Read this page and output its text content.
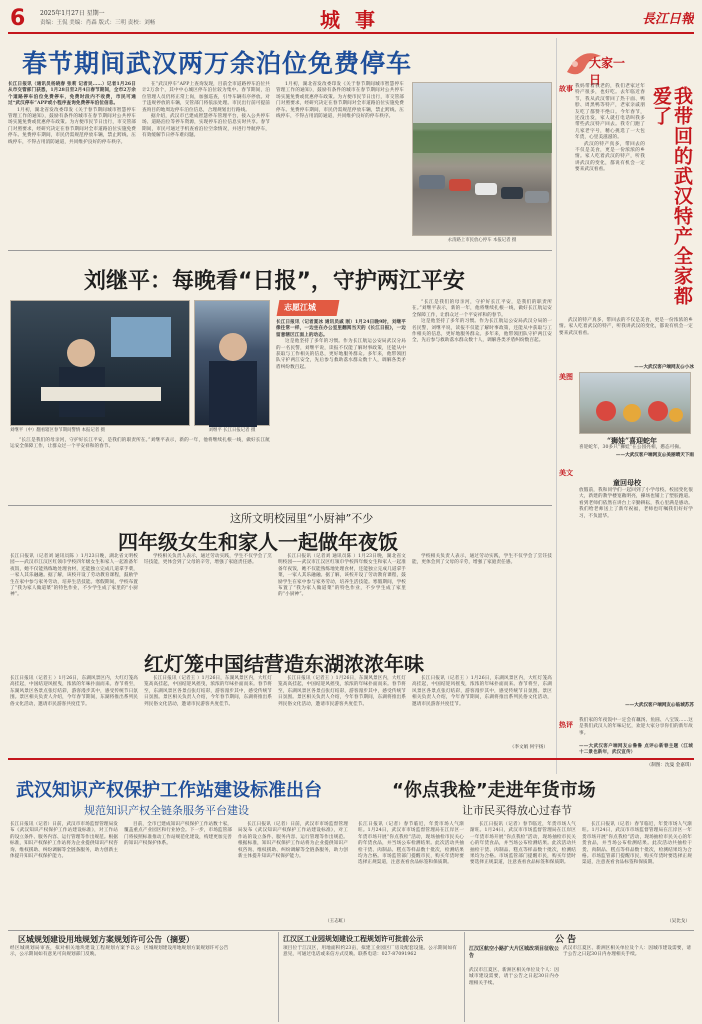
6 2025年1月27日 星期一
责编：王侃 美编：肖森 版式：三明 责校：刘畅	城 事	長江日報
春节期间武汉两万余泊位免费停车
长江日报讯（通讯员杨晓春 张莉 记者吴……）记者1月26日从市交管部门获悉，1月28日至2月4日春节期间，全市2万余个道路停车泊位免费停车，免费时段内不收费，市民可通过“武汉停车”APP或小程序查询免费停车泊位信息。

1月初，湖北省发改委印发《关于春节期间城市智慧停车管理工作的通知》，鼓励有条件的城市在春节期间对公共停车场实施免费或优惠停车政策。为方便市民节日出行，市交管部门对照要求，经研究决定在春节期间对全市道路泊位实施免费停车。免费停车期间，市民仍需规范停放车辆，禁止跨线、压线停车，不得占用消防通道，共同维护良好的停车秩序。

在“武汉停车”APP上查询发现，目前全市道路停车泊位共计2万余个，其中中心城区停车泊位较为集中。春节期间，泊位管理人员仍将正常上岗，加强巡查，引导车辆有序停放。对于违规停放的车辆，交管部门将依法处理。市民出行前可提前查询目的地周边停车泊位信息，合理规划出行路线。

据介绍，武汉市已建成智慧停车管理平台，接入公共停车场、道路泊位等停车资源，实现停车泊位信息实时共享。春节期间，市民可通过手机查看泊位空余情况，并进行导航停车，有效缓解节日停车难问题。

1月初，湖北省发改委印发《关于春节期间城市智慧停车管理工作的通知》，鼓励有条件的城市在春节期间对公共停车场实施免费或优惠停车政策。为方便市民节日出行，市交管部门对照要求，经研究决定在春节期间对全市道路泊位实施免费停车。免费停车期间，市民仍需规范停放车辆，禁止跨线、压线停车，不得占用消防通道，共同维护良好的停车秩序。

永清路上市民放心停车 本报记者 摄
大家一日
我带回的武汉特产全家都爱了
故事 我妈带着我老的，我们老家过年特产很多，也好吃。去年临近春节，我从武汉带回了热干面、鸭脖、周黑鸭等特产，老家亲戚朋友吃了都赞不绝口。今年春节，还没出发，家人就打电话叫我多带些武汉特产回去。我专门跑了几家老字号，精心挑选了一大包年货，心里美滋滋的。

武汉的特产真多，带回去的不仅是美食，更是一份浓浓的乡情。家人吃着武汉的特产，听我讲武汉的变化，都说有机会一定要来武汉看看。

武汉的特产真多，带回去的不仅是美食，更是一份浓浓的乡情。家人吃着武汉的特产，听我讲武汉的变化，都说有机会一定要来武汉看看。

——大武汉客户端网友@小冰
美图
“狮娃”喜迎蛇年
喜迎蛇年，30多只“狮娃”在公园亮相，憨态可掬。
——大武汉客户端网友@美丽晴天下雨
美文
童回母校
放假前，我和同学们一起回到了小学母校。校园变化很大，新建的教学楼宽敞明亮，操场也铺上了塑胶跑道。看到老师们依然在讲台上辛勤耕耘，我心里满是感动。我们给老师送上了新年祝福，老师也叮嘱我们好好学习，不负韶华。
——大武汉客户端网友@临城苏苏
热评 我们家的年夜饭中一定会有藕汤、鱼圆、八宝饭……这是我们武汉人的年味记忆，欢迎大家分享你们的新年故事。
——大武汉客户端网友@鲁鲁 点评@新春主题（江城十二景也新年，武汉宣传）
（制图：沈曼 金嘉琪）
刘继平：每晚看“日报”，守护两江平安
刘继平（中）翻看辖区春节期间警情 本报记者 摄	刘继平 长江日报记者 摄
志愿江城
长江日报讯（记者夏冰 通讯员戚 刚）1月24日晚9时，刘继平像往常一样，一边坐在办公室里翻阅当天的《长江日报》，一边留意辖区江面上的动态。

这是他坚持了多年的习惯。作为长江航运公安局武汉分局的一名民警，刘继平说，读报不仅能了解时事政策，还能从中获取与工作相关的信息，更好地服务群众。多年来，他带领团队守护两江安全，先后参与救助落水群众数十人，调解各类矛盾纠纷数百起。

“长江是我们的母亲河，守护好长江平安，是我们的职责所在。”刘继平表示，新的一年，他将继续扎根一线，做好长江航运安全保障工作，让群众过一个平安祥和的春节。

这是他坚持了多年的习惯。作为长江航运公安局武汉分局的一名民警，刘继平说，读报不仅能了解时事政策，还能从中获取与工作相关的信息，更好地服务群众。多年来，他带领团队守护两江安全，先后参与救助落水群众数十人，调解各类矛盾纠纷数百起。

“长江是我们的母亲河，守护好长江平安，是我们的职责所在。”刘继平表示，新的一年，他将继续扎根一线，做好长江航运安全保障工作，让群众过一个平安祥和的春节。

这所文明校园里“小厨神”不少
四年级女生和家人一起做年夜饭

长江日报讯（记者刘 通讯员陈 ）1月23日晚，湖北省文明校园——武汉市江汉区红领巾学校四年级女生和家人一起准备年夜饭，她不仅能熟练地处理食材，还能独立完成几道拿手菜，一家人其乐融融。据了解，该校开设了劳动教育课程，鼓励学生在家中参与家务劳动，培养生活技能。寒假期间，学校布置了“我为家人做道菜”的特色作业，不少学生成了家里的“小厨神”。

学校相关负责人表示，通过劳动实践，学生不仅学会了烹饪技能，更体会到了父母的辛劳，增强了家庭责任感。

长江日报讯（记者刘 通讯员陈 ）1月23日晚，湖北省文明校园——武汉市江汉区红领巾学校四年级女生和家人一起准备年夜饭，她不仅能熟练地处理食材，还能独立完成几道拿手菜，一家人其乐融融。据了解，该校开设了劳动教育课程，鼓励学生在家中参与家务劳动，培养生活技能。寒假期间，学校布置了“我为家人做道菜”的特色作业，不少学生成了家里的“小厨神”。

学校相关负责人表示，通过劳动实践，学生不仅学会了烹饪技能，更体会到了父母的辛劳，增强了家庭责任感。

红灯笼中国结营造东湖浓浓年味

长江日报讯（记者王 ）1月26日，东湖风景区内，大红灯笼高高挂起，中国结迎风摇曳，浓浓的年味扑面而来。春节将至，东湖风景区各景点张灯结彩，游客漫步其中，感受传统节日氛围。景区相关负责人介绍，今年春节期间，东湖将推出系列民俗文化活动，邀请市民游客共度佳节。

长江日报讯（记者王 ）1月26日，东湖风景区内，大红灯笼高高挂起，中国结迎风摇曳，浓浓的年味扑面而来。春节将至，东湖风景区各景点张灯结彩，游客漫步其中，感受传统节日氛围。景区相关负责人介绍，今年春节期间，东湖将推出系列民俗文化活动，邀请市民游客共度佳节。

长江日报讯（记者王 ）1月26日，东湖风景区内，大红灯笼高高挂起，中国结迎风摇曳，浓浓的年味扑面而来。春节将至，东湖风景区各景点张灯结彩，游客漫步其中，感受传统节日氛围。景区相关负责人介绍，今年春节期间，东湖将推出系列民俗文化活动，邀请市民游客共度佳节。

长江日报讯（记者王 ）1月26日，东湖风景区内，大红灯笼高高挂起，中国结迎风摇曳，浓浓的年味扑面而来。春节将至，东湖风景区各景点张灯结彩，游客漫步其中，感受传统节日氛围。景区相关负责人介绍，今年春节期间，东湖将推出系列民俗文化活动，邀请市民游客共度佳节。

（李文娟 何宇扬）
武汉知识产权保护工作站建设标准出台
规范知识产权全链条服务平台建设

长江日报讯（记者）日前，武汉市市场监督管理局发布《武汉知识产权保护工作站建设标准》，对工作站的设立条件、服务内容、运行管理等作出规范。根据标准，知识产权保护工作站将为企业提供知识产权咨询、维权援助、纠纷调解等全链条服务，助力创新主体提升知识产权保护能力。

目前，全市已建成知识产权保护工作站数十家，覆盖重点产业园区和行业协会。下一步，市场监管部门将按照标准推动工作站规范化建设，构建更加完善的知识产权保护体系。

长江日报讯（记者）日前，武汉市市场监督管理局发布《武汉知识产权保护工作站建设标准》，对工作站的设立条件、服务内容、运行管理等作出规范。根据标准，知识产权保护工作站将为企业提供知识产权咨询、维权援助、纠纷调解等全链条服务，助力创新主体提升知识产权保护能力。

（王志虹）
“你点我检”走进年货市场
让市民买得放心过春节

长江日报讯（记者）春节临近，年货市场人气渐旺。1月24日，武汉市市场监督管理局在江岸区一年货市场开展“你点我检”活动，现场抽检市民关心的年货食品，并当场公布检测结果。此次活动共抽检干货、肉制品、糕点等样品数十批次，检测结果均为合格。市场监管部门提醒市民，购买年货时要选择正规渠道，注意查看食品标签和保质期。

长江日报讯（记者）春节临近，年货市场人气渐旺。1月24日，武汉市市场监督管理局在江岸区一年货市场开展“你点我检”活动，现场抽检市民关心的年货食品，并当场公布检测结果。此次活动共抽检干货、肉制品、糕点等样品数十批次，检测结果均为合格。市场监管部门提醒市民，购买年货时要选择正规渠道，注意查看食品标签和保质期。

长江日报讯（记者）春节临近，年货市场人气渐旺。1月24日，武汉市市场监督管理局在江岸区一年货市场开展“你点我检”活动，现场抽检市民关心的年货食品，并当场公布检测结果。此次活动共抽检干货、肉制品、糕点等样品数十批次，检测结果均为合格。市场监管部门提醒市民，购买年货时要选择正规渠道，注意查看食品标签和保质期。

（吴比戈）
区城规划建设用地规划方案规划许可公告（摘要）
经区城规划局审查，拟对相关地块建设工程规划方案予以公示，公示期间如有意见可向规划部门反映。
区城规划建设用地规划方案规划许可公告
江汉区工业园规划建设工程规划许可批前公示
项目位于江汉区，用地面积约23亩，拟建工业园区厂房及配套设施。公示期间如有意见，可通过电话或来信方式反映。联系电话：027-87091962
公 告
江汉区航空小路扩大片区城改项目征收公告
武汉市江夏区、新洲区相关单位及个人：因城市建设需要，请于公告之日起30日内办理相关手续。
武汉市江夏区、新洲区相关单位及个人：因城市建设需要，请于公告之日起30日内办理相关手续。
